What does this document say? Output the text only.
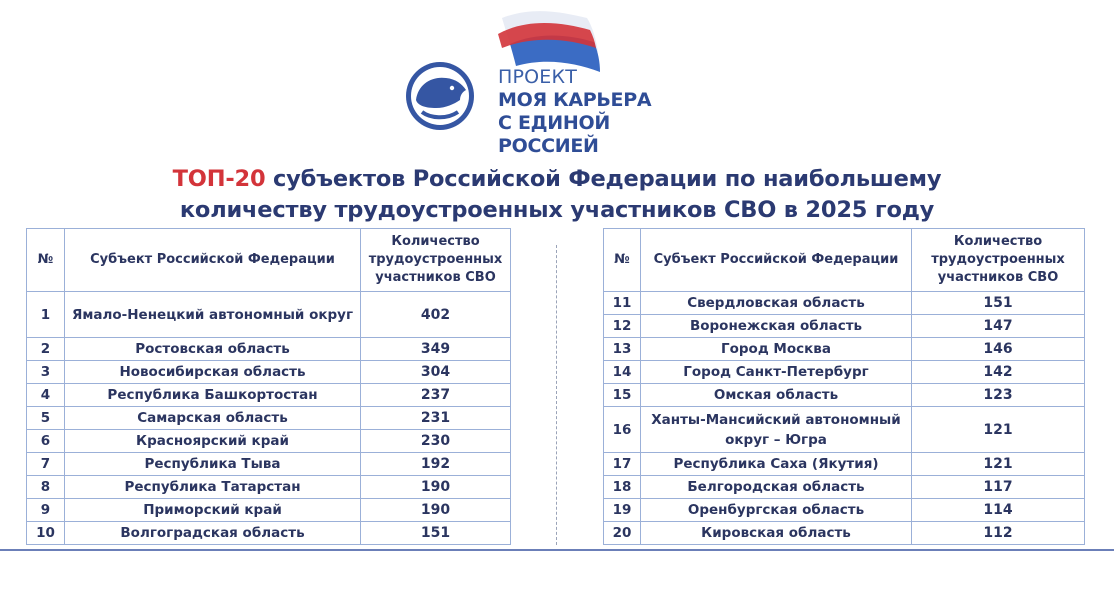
ПРОЕКТ
МОЯ КАРЬЕРА
С ЕДИНОЙ РОССИЕЙ
ТОП-20 субъектов Российской Федерации по наибольшему
количеству трудоустроенных участников СВО в 2025 году
№	Субъект Российской Федерации	Количество трудоустроенных участников СВО
1	Ямало-Ненецкий автономный округ	402
2	Ростовская область	349
3	Новосибирская область	304
4	Республика Башкортостан	237
5	Самарская область	231
6	Красноярский край	230
7	Республика Тыва	192
8	Республика Татарстан	190
9	Приморский край	190
10	Волгоградская область	151
№	Субъект Российской Федерации	Количество трудоустроенных участников СВО
11	Свердловская область	151
12	Воронежская область	147
13	Город Москва	146
14	Город Санкт-Петербург	142
15	Омская область	123
16	Ханты-Мансийский автономный округ – Югра	121
17	Республика Саха (Якутия)	121
18	Белгородская область	117
19	Оренбургская область	114
20	Кировская область	112
